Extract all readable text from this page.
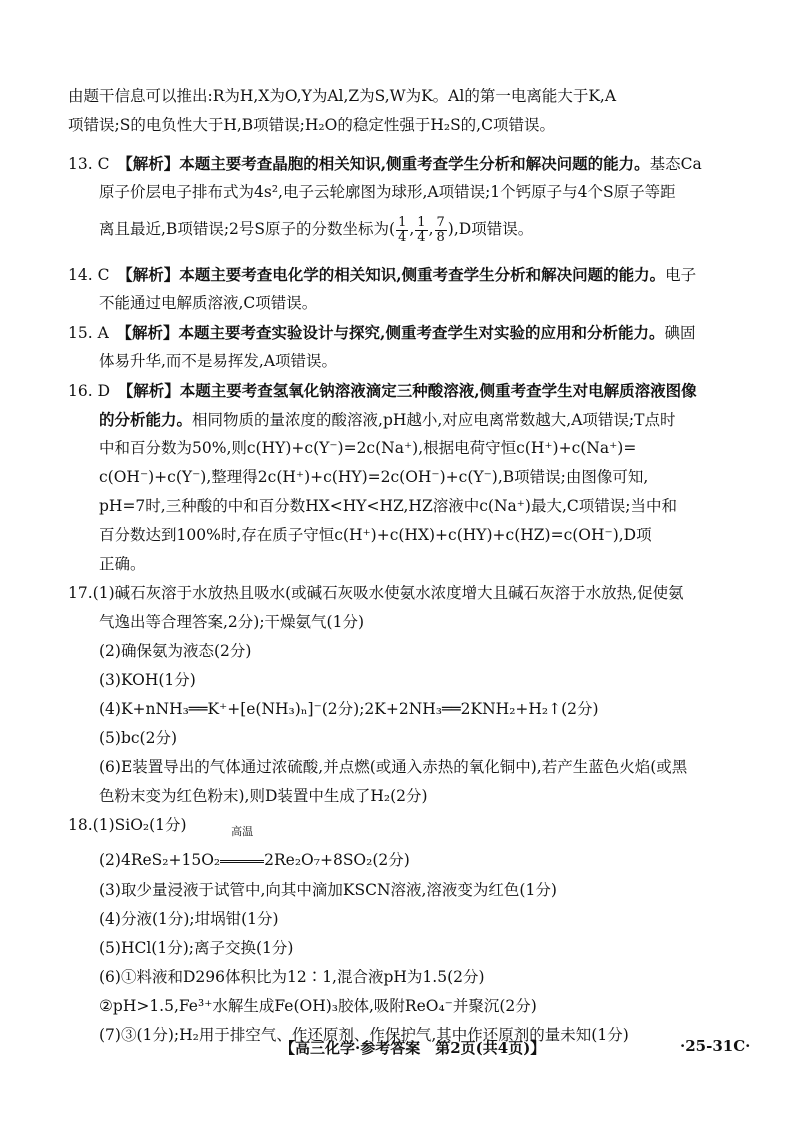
由题干信息可以推出:R为H,X为O,Y为Al,Z为S,W为K。Al的第一电离能大于K,A
项错误;S的电负性大于H,B项错误;H₂O的稳定性强于H₂S的,C项错误。
13. C　 【解析】本题主要考查晶胞的相关知识,侧重考查学生分析和解决问题的能力。基态Ca
原子价层电子排布式为4s²,电子云轮廓图为球形,A项错误;1个钙原子与4个S原子等距
离且最近,B项错误;2号S原子的分数坐标为( $\frac{1}{4}$ , $\frac{1}{4}$ , $\frac{7}{8} ),D$项错误。
14. C　 【解析】本题主要考查电化学的相关知识,侧重考查学生分析和解决问题的能力。电子
不能通过电解质溶液,C项错误。
15. A　 【解析】本题主要考查实验设计与探究,侧重考查学生对实验的应用和分析能力。碘固
体易升华,而不是易挥发,A项错误。
16. D　 【解析】本题主要考查氢氧化钠溶液滴定三种酸溶液,侧重考查学生对电解质溶液图像
的分析能力。相同物质的量浓度的酸溶液,pH越小,对应电离常数越大,A项错误;T点时
中和百分数为50%,则c(HY)+c(Y⁻)=2c(Na⁺),根据电荷守恒c(H⁺)+c(Na⁺)=
c(OH⁻)+c(Y⁻),整理得2c(H⁺)+c(HY)=2c(OH⁻)+c(Y⁻),B项错误;由图像可知,
pH=7时,三种酸的中和百分数HX<HY<HZ,HZ溶液中c(Na⁺)最大,C项错误;当中和
百分数达到100%时,存在质子守恒c(H⁺)+c(HX)+c(HY)+c(HZ)=c(OH⁻),D项
正确。
17.(1)碱石灰溶于水放热且吸水(或碱石灰吸水使氨水浓度增大且碱石灰溶于水放热,促使氨
气逸出等合理答案,2分);干燥氨气(1分)
(2)确保氨为液态(2分)
(3)KOH(1分)
(4)K+nNH₃══K⁺+[e(NH₃)ₙ]⁻(2分);2K+2NH₃══2KNH₂+H₂↑(2分)
(5)bc(2分)
(6)E装置导出的气体通过浓硫酸,并点燃(或通入赤热的氧化铜中),若产生蓝色火焰(或黑
色粉末变为红色粉末),则D装置中生成了H₂(2分)
18.(1)SiO₂(1分)
(2)4ReS₂+15O₂
高温
2Re₂O₇+8SO₂(2分)
(3)取少量浸液于试管中,向其中滴加KSCN溶液,溶液变为红色(1分)
(4)分液(1分);坩埚钳(1分)
(5)HCl(1分);离子交换(1分)
(6)①料液和D296体积比为12∶1,混合液pH为1.5(2分)
②pH>1.5,Fe³⁺水解生成Fe(OH)₃胶体,吸附ReO₄⁻并聚沉(2分)
(7)③(1分);H₂用于排空气、作还原剂、作保护气,其中作还原剂的量未知(1分)
【高三化学·参考答案　第2页(共4页)】	·25-31C·
